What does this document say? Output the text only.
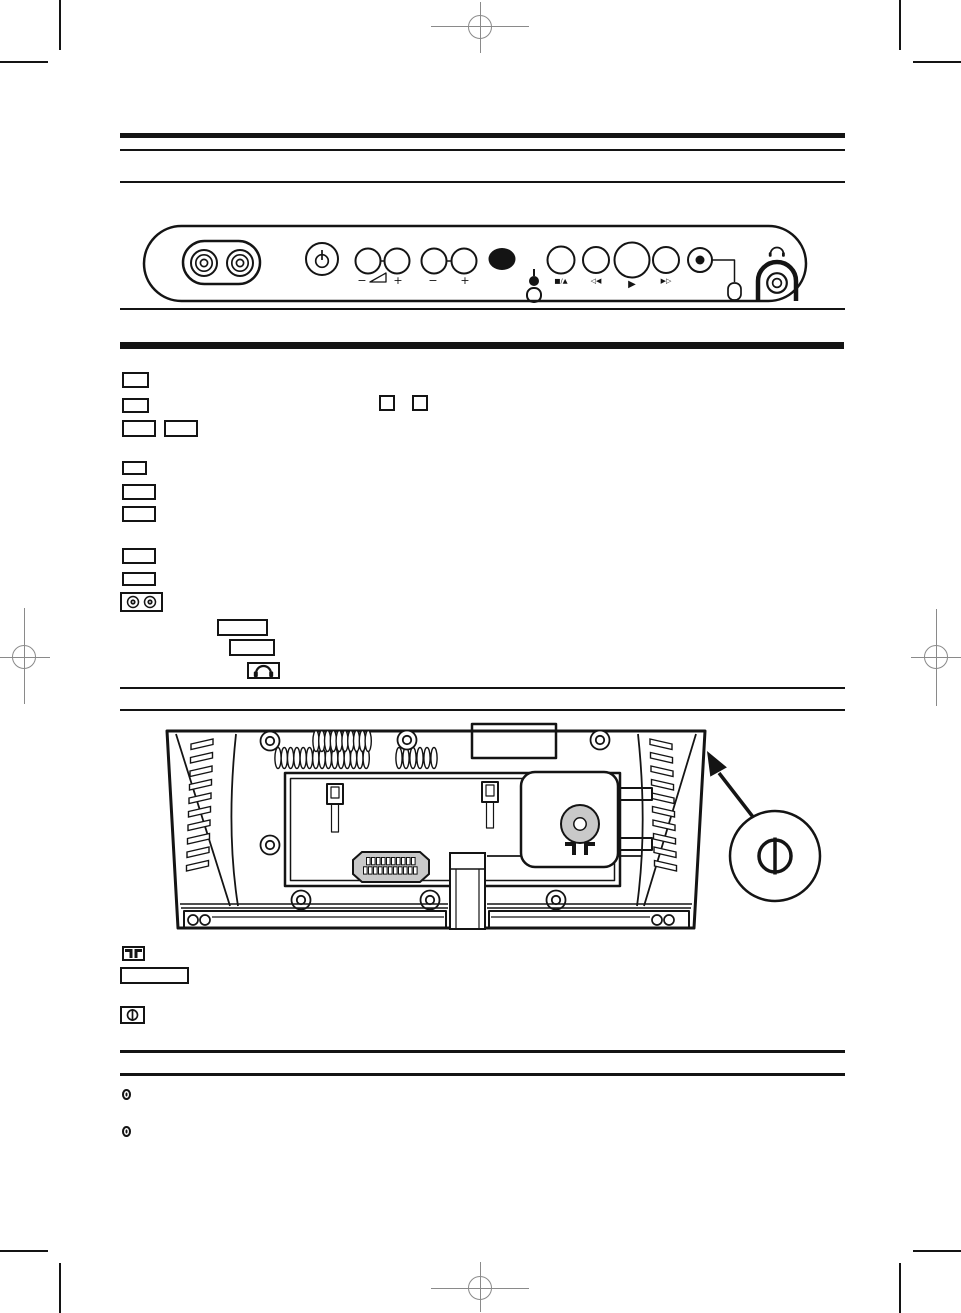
− + − +	■/▲	◁◀	▶	▶▷
